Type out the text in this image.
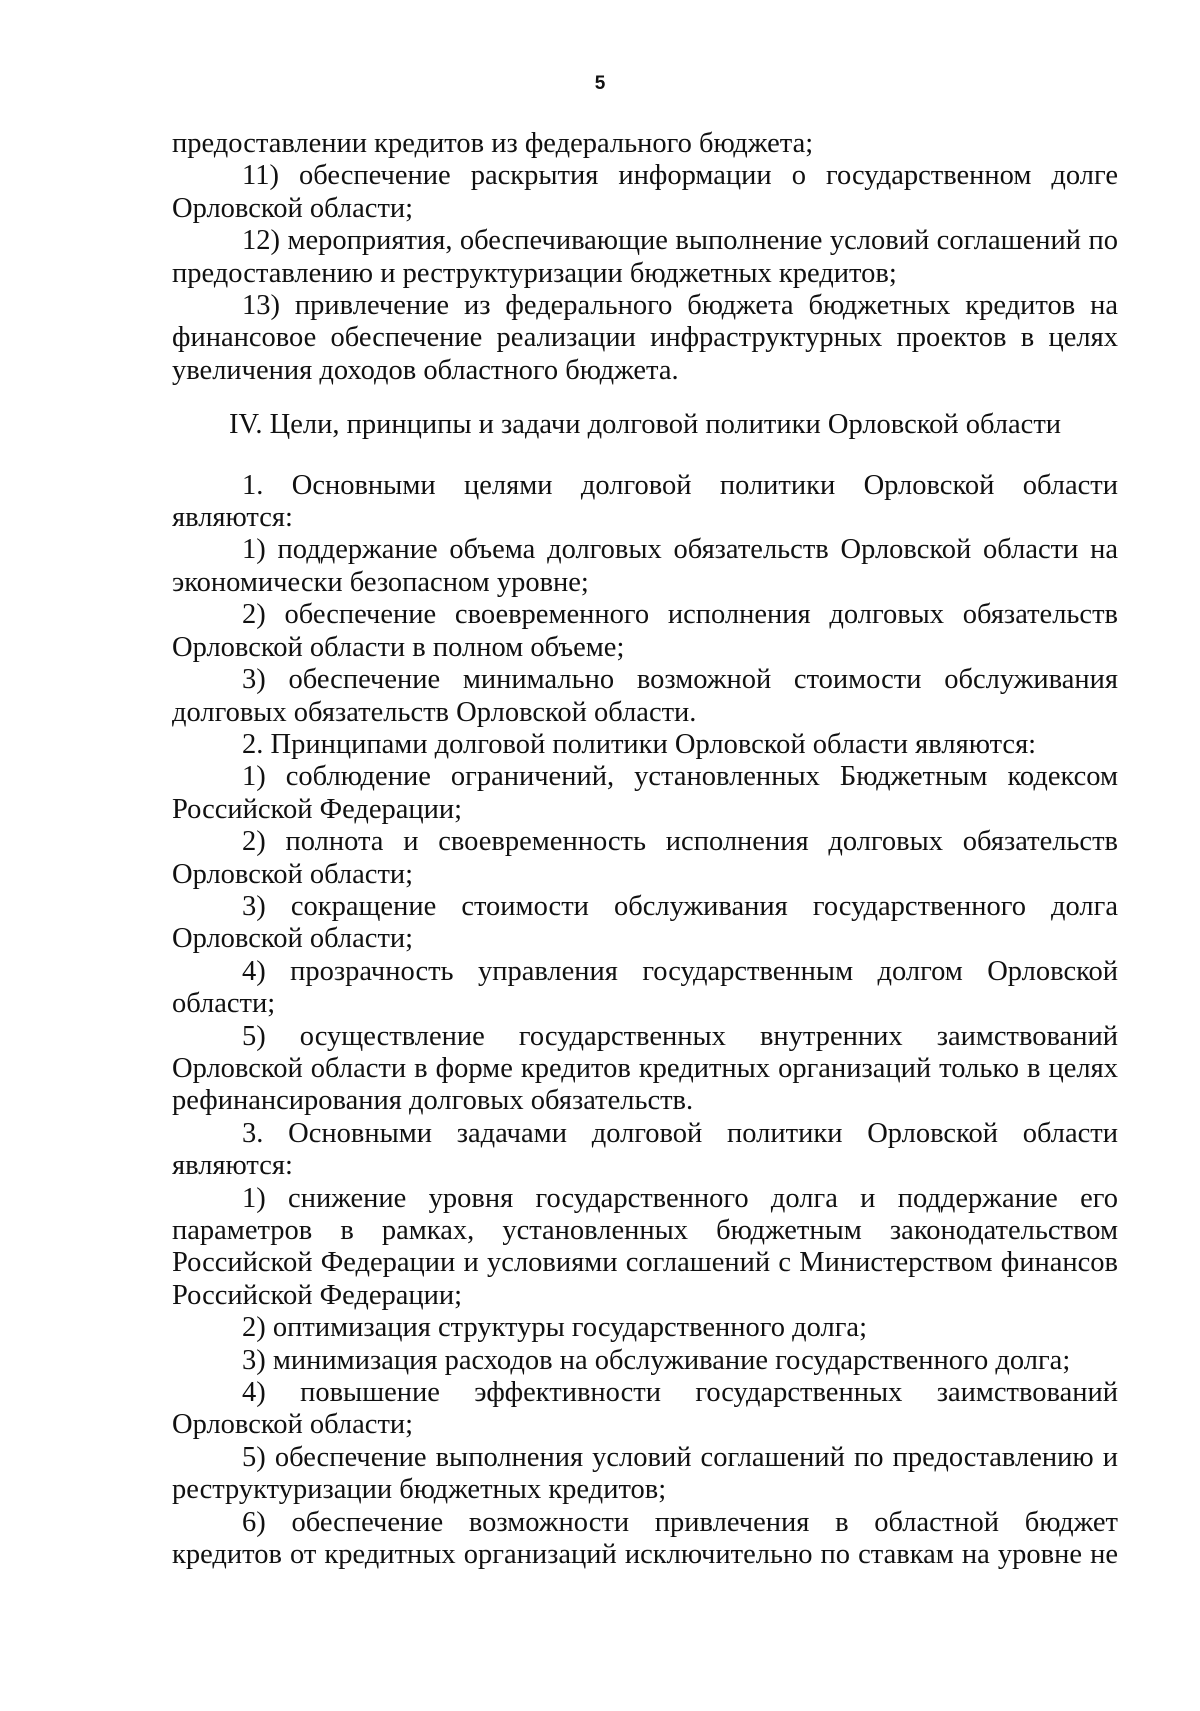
5

предоставлении кредитов из федерального бюджета;

11) обеспечение раскрытия информации о государственном долге Орловской области;

12) мероприятия, обеспечивающие выполнение условий соглашений по предоставлению и реструктуризации бюджетных кредитов;

13) привлечение из федерального бюджета бюджетных кредитов на финансовое обеспечение реализации инфраструктурных проектов в целях увеличения доходов областного бюджета.

IV. Цели, принципы и задачи долговой политики Орловской области

1. Основными целями долговой политики Орловской области являются:

1) поддержание объема долговых обязательств Орловской области на экономически безопасном уровне;

2) обеспечение своевременного исполнения долговых обязательств Орловской области в полном объеме;

3) обеспечение минимально возможной стоимости обслуживания долговых обязательств Орловской области.

2. Принципами долговой политики Орловской области являются:

1) соблюдение ограничений, установленных Бюджетным кодексом Российской Федерации;

2) полнота и своевременность исполнения долговых обязательств Орловской области;

3) сокращение стоимости обслуживания государственного долга Орловской области;

4) прозрачность управления государственным долгом Орловской области;

5) осуществление государственных внутренних заимствований Орловской области в форме кредитов кредитных организаций только в целях рефинансирования долговых обязательств.

3. Основными задачами долговой политики Орловской области являются:

1) снижение уровня государственного долга и поддержание его параметров в рамках, установленных бюджетным законодательством Российской Федерации и условиями соглашений с Министерством финансов Российской Федерации;

2) оптимизация структуры государственного долга;

3) минимизация расходов на обслуживание государственного долга;

4) повышение эффективности государственных заимствований Орловской области;

5) обеспечение выполнения условий соглашений по предоставлению и реструктуризации бюджетных кредитов;

6) обеспечение возможности привлечения в областной бюджет кредитов от кредитных организаций исключительно по ставкам на уровне не
